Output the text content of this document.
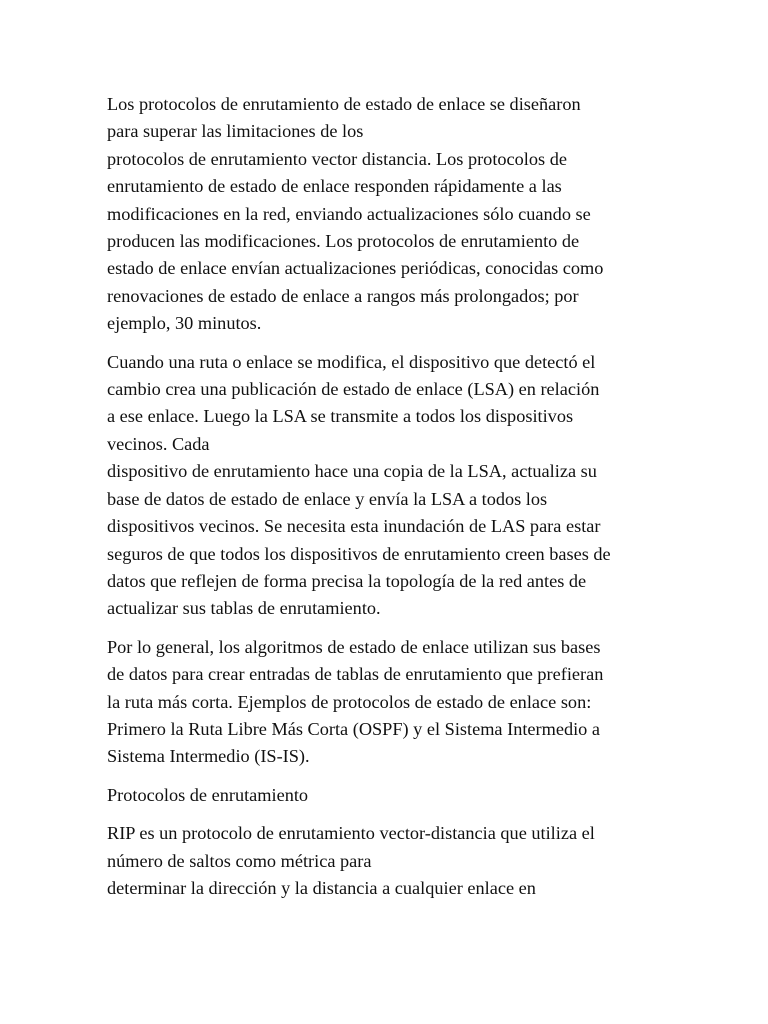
Los protocolos de enrutamiento de estado de enlace se diseñaron
para superar las limitaciones de los
protocolos de enrutamiento vector distancia. Los protocolos de
enrutamiento de estado de enlace responden rápidamente a las
modificaciones en la red, enviando actualizaciones sólo cuando se
producen las modificaciones. Los protocolos de enrutamiento de
estado de enlace envían actualizaciones periódicas, conocidas como
renovaciones de estado de enlace a rangos más prolongados; por
ejemplo, 30 minutos.

Cuando una ruta o enlace se modifica, el dispositivo que detectó el
cambio crea una publicación de estado de enlace (LSA) en relación
a ese enlace. Luego la LSA se transmite a todos los dispositivos
vecinos. Cada
dispositivo de enrutamiento hace una copia de la LSA, actualiza su
base de datos de estado de enlace y envía la LSA a todos los
dispositivos vecinos. Se necesita esta inundación de LAS para estar
seguros de que todos los dispositivos de enrutamiento creen bases de
datos que reflejen de forma precisa la topología de la red antes de
actualizar sus tablas de enrutamiento.

Por lo general, los algoritmos de estado de enlace utilizan sus bases
de datos para crear entradas de tablas de enrutamiento que prefieran
la ruta más corta. Ejemplos de protocolos de estado de enlace son:
Primero la Ruta Libre Más Corta (OSPF) y el Sistema Intermedio a
Sistema Intermedio (IS-IS).

Protocolos de enrutamiento

RIP es un protocolo de enrutamiento vector-distancia que utiliza el
número de saltos como métrica para
determinar la dirección y la distancia a cualquier enlace en
